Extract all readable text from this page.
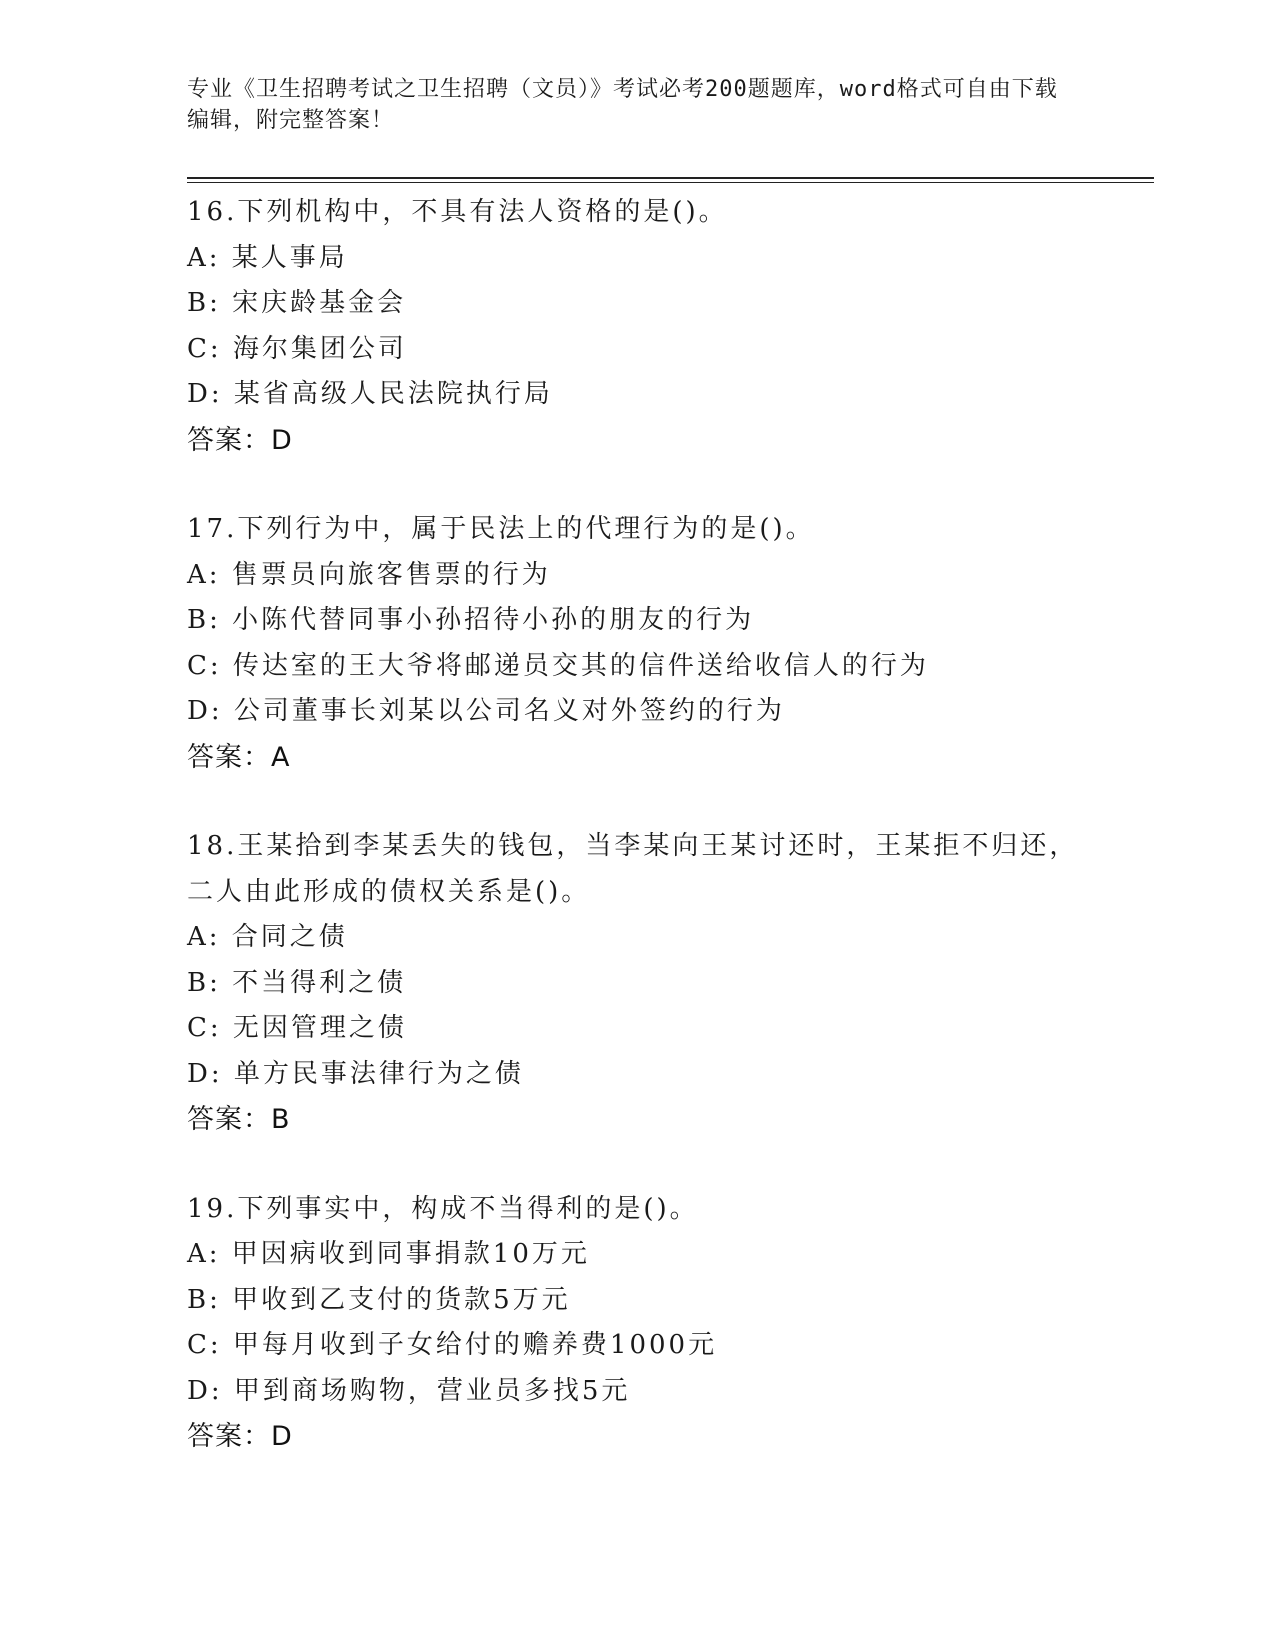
专业《卫生招聘考试之卫生招聘（文员）》考试必考200题题库，word格式可自由下载编辑，附完整答案！
16.下列机构中，不具有法人资格的是()。
A: 某人事局
B: 宋庆龄基金会
C: 海尔集团公司
D: 某省高级人民法院执行局
答案：D
17.下列行为中，属于民法上的代理行为的是()。
A: 售票员向旅客售票的行为
B: 小陈代替同事小孙招待小孙的朋友的行为
C: 传达室的王大爷将邮递员交其的信件送给收信人的行为
D: 公司董事长刘某以公司名义对外签约的行为
答案：A
18.王某拾到李某丢失的钱包，当李某向王某讨还时，王某拒不归还，二人由此形成的债权关系是()。
A: 合同之债
B: 不当得利之债
C: 无因管理之债
D: 单方民事法律行为之债
答案：B
19.下列事实中，构成不当得利的是()。
A: 甲因病收到同事捐款10万元
B: 甲收到乙支付的货款5万元
C: 甲每月收到子女给付的赡养费1000元
D: 甲到商场购物，营业员多找5元
答案：D
